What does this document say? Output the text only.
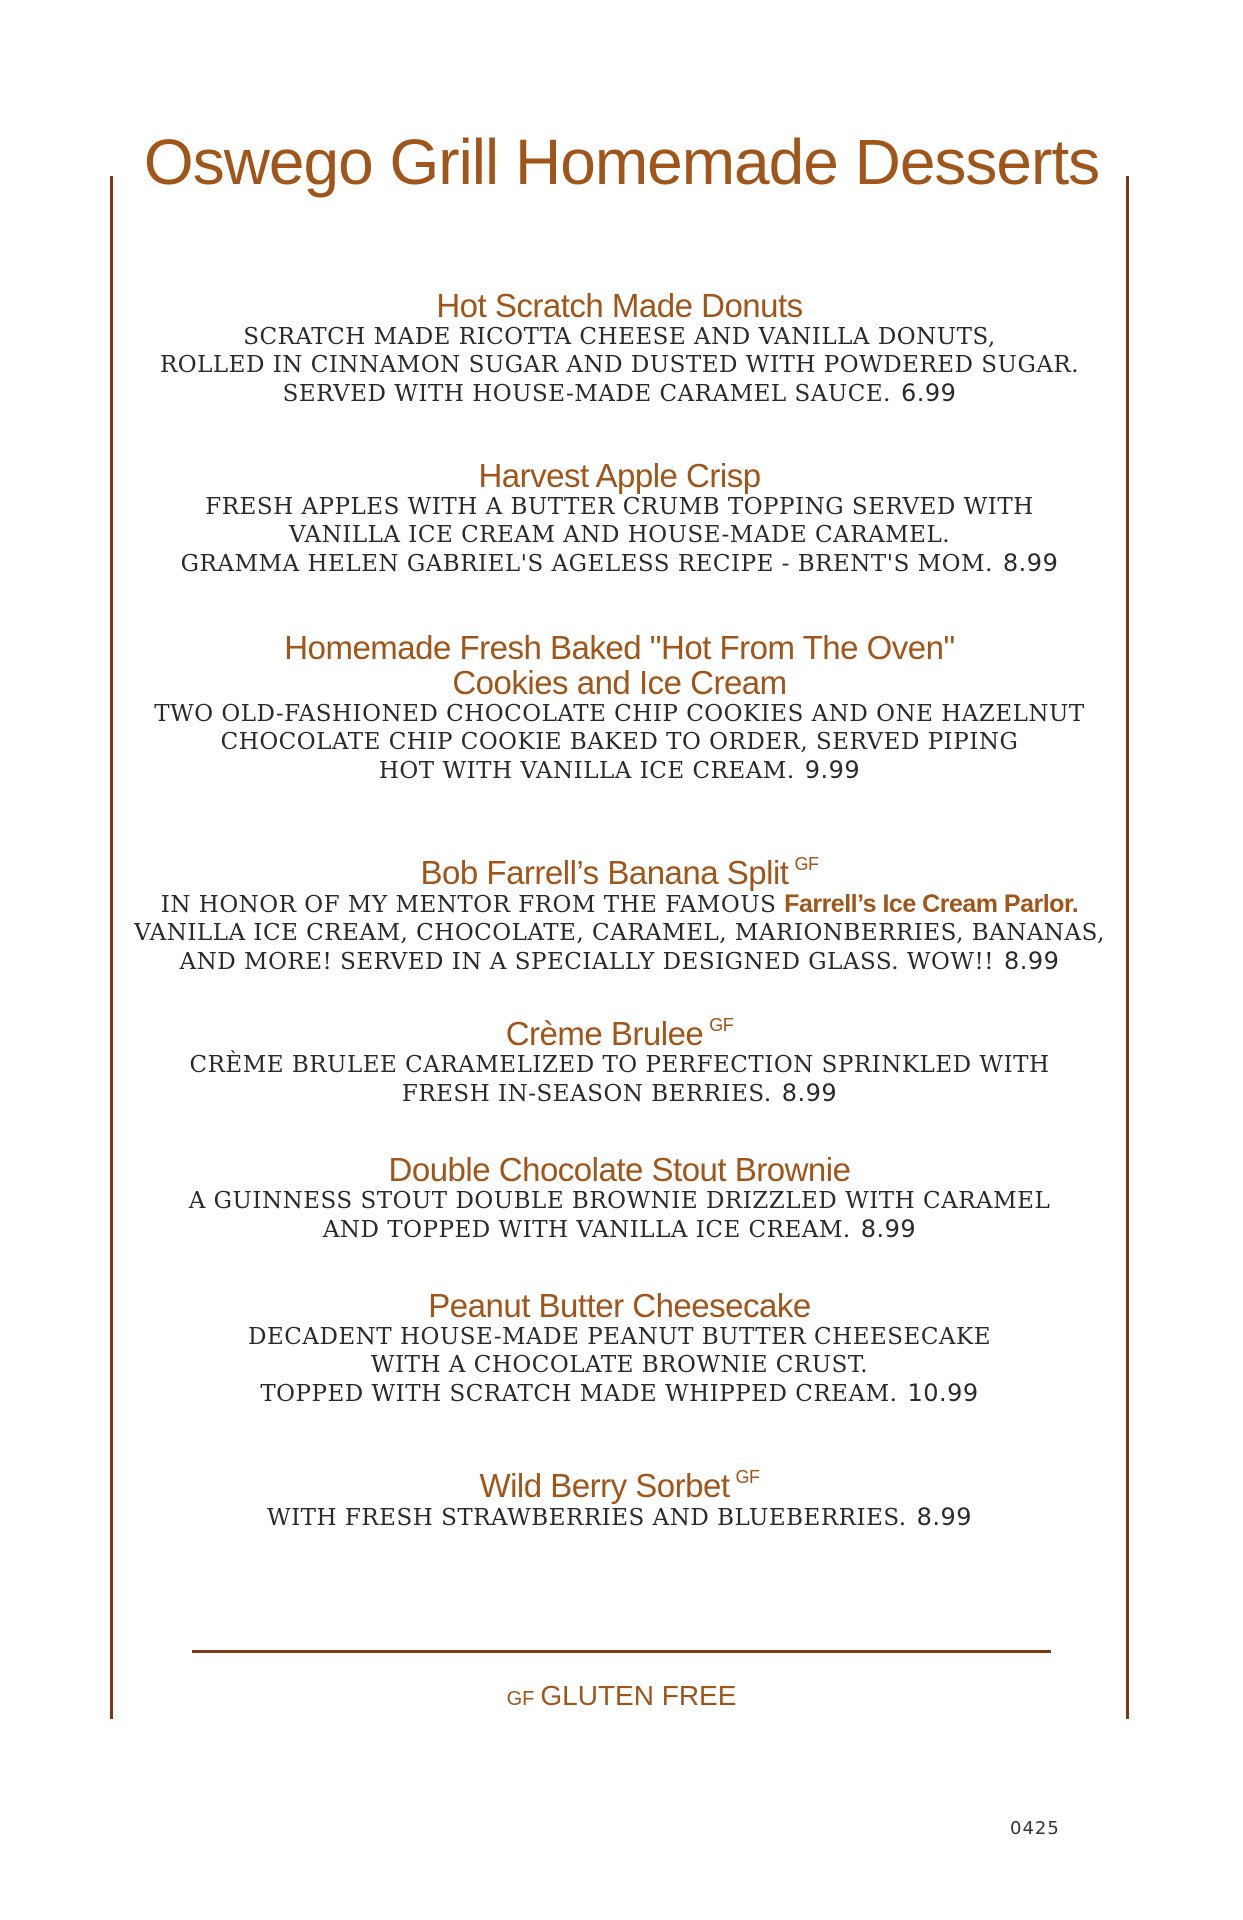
Oswego Grill Homemade Desserts
Hot Scratch Made Donuts
SCRATCH MADE RICOTTA CHEESE AND VANILLA DONUTS,
ROLLED IN CINNAMON SUGAR AND DUSTED WITH POWDERED SUGAR.
SERVED WITH HOUSE-MADE CARAMEL SAUCE. 6.99
Harvest Apple Crisp
FRESH APPLES WITH A BUTTER CRUMB TOPPING SERVED WITH
VANILLA ICE CREAM AND HOUSE-MADE CARAMEL.
GRAMMA HELEN GABRIEL'S AGELESS RECIPE - BRENT'S MOM. 8.99
Homemade Fresh Baked "Hot From The Oven"
Cookies and Ice Cream
TWO OLD-FASHIONED CHOCOLATE CHIP COOKIES AND ONE HAZELNUT
CHOCOLATE CHIP COOKIE BAKED TO ORDER, SERVED PIPING
HOT WITH VANILLA ICE CREAM. 9.99
Bob Farrell’s Banana Split $^{GF}$
IN HONOR OF MY MENTOR FROM THE FAMOUS Farrell’s Ice Cream Parlor.
VANILLA ICE CREAM, CHOCOLATE, CARAMEL, MARIONBERRIES, BANANAS,
AND MORE! SERVED IN A SPECIALLY DESIGNED GLASS. WOW!! 8.99
Crème Brulee $^{GF}$
CRÈME BRULEE CARAMELIZED TO PERFECTION SPRINKLED WITH
FRESH IN-SEASON BERRIES. 8.99
Double Chocolate Stout Brownie
A GUINNESS STOUT DOUBLE BROWNIE DRIZZLED WITH CARAMEL
AND TOPPED WITH VANILLA ICE CREAM. 8.99
Peanut Butter Cheesecake
DECADENT HOUSE-MADE PEANUT BUTTER CHEESECAKE
WITH A CHOCOLATE BROWNIE CRUST.
TOPPED WITH SCRATCH MADE WHIPPED CREAM. 10.99
Wild Berry Sorbet $^{GF}$
WITH FRESH STRAWBERRIES AND BLUEBERRIES. 8.99
GF GLUTEN FREE
0425
